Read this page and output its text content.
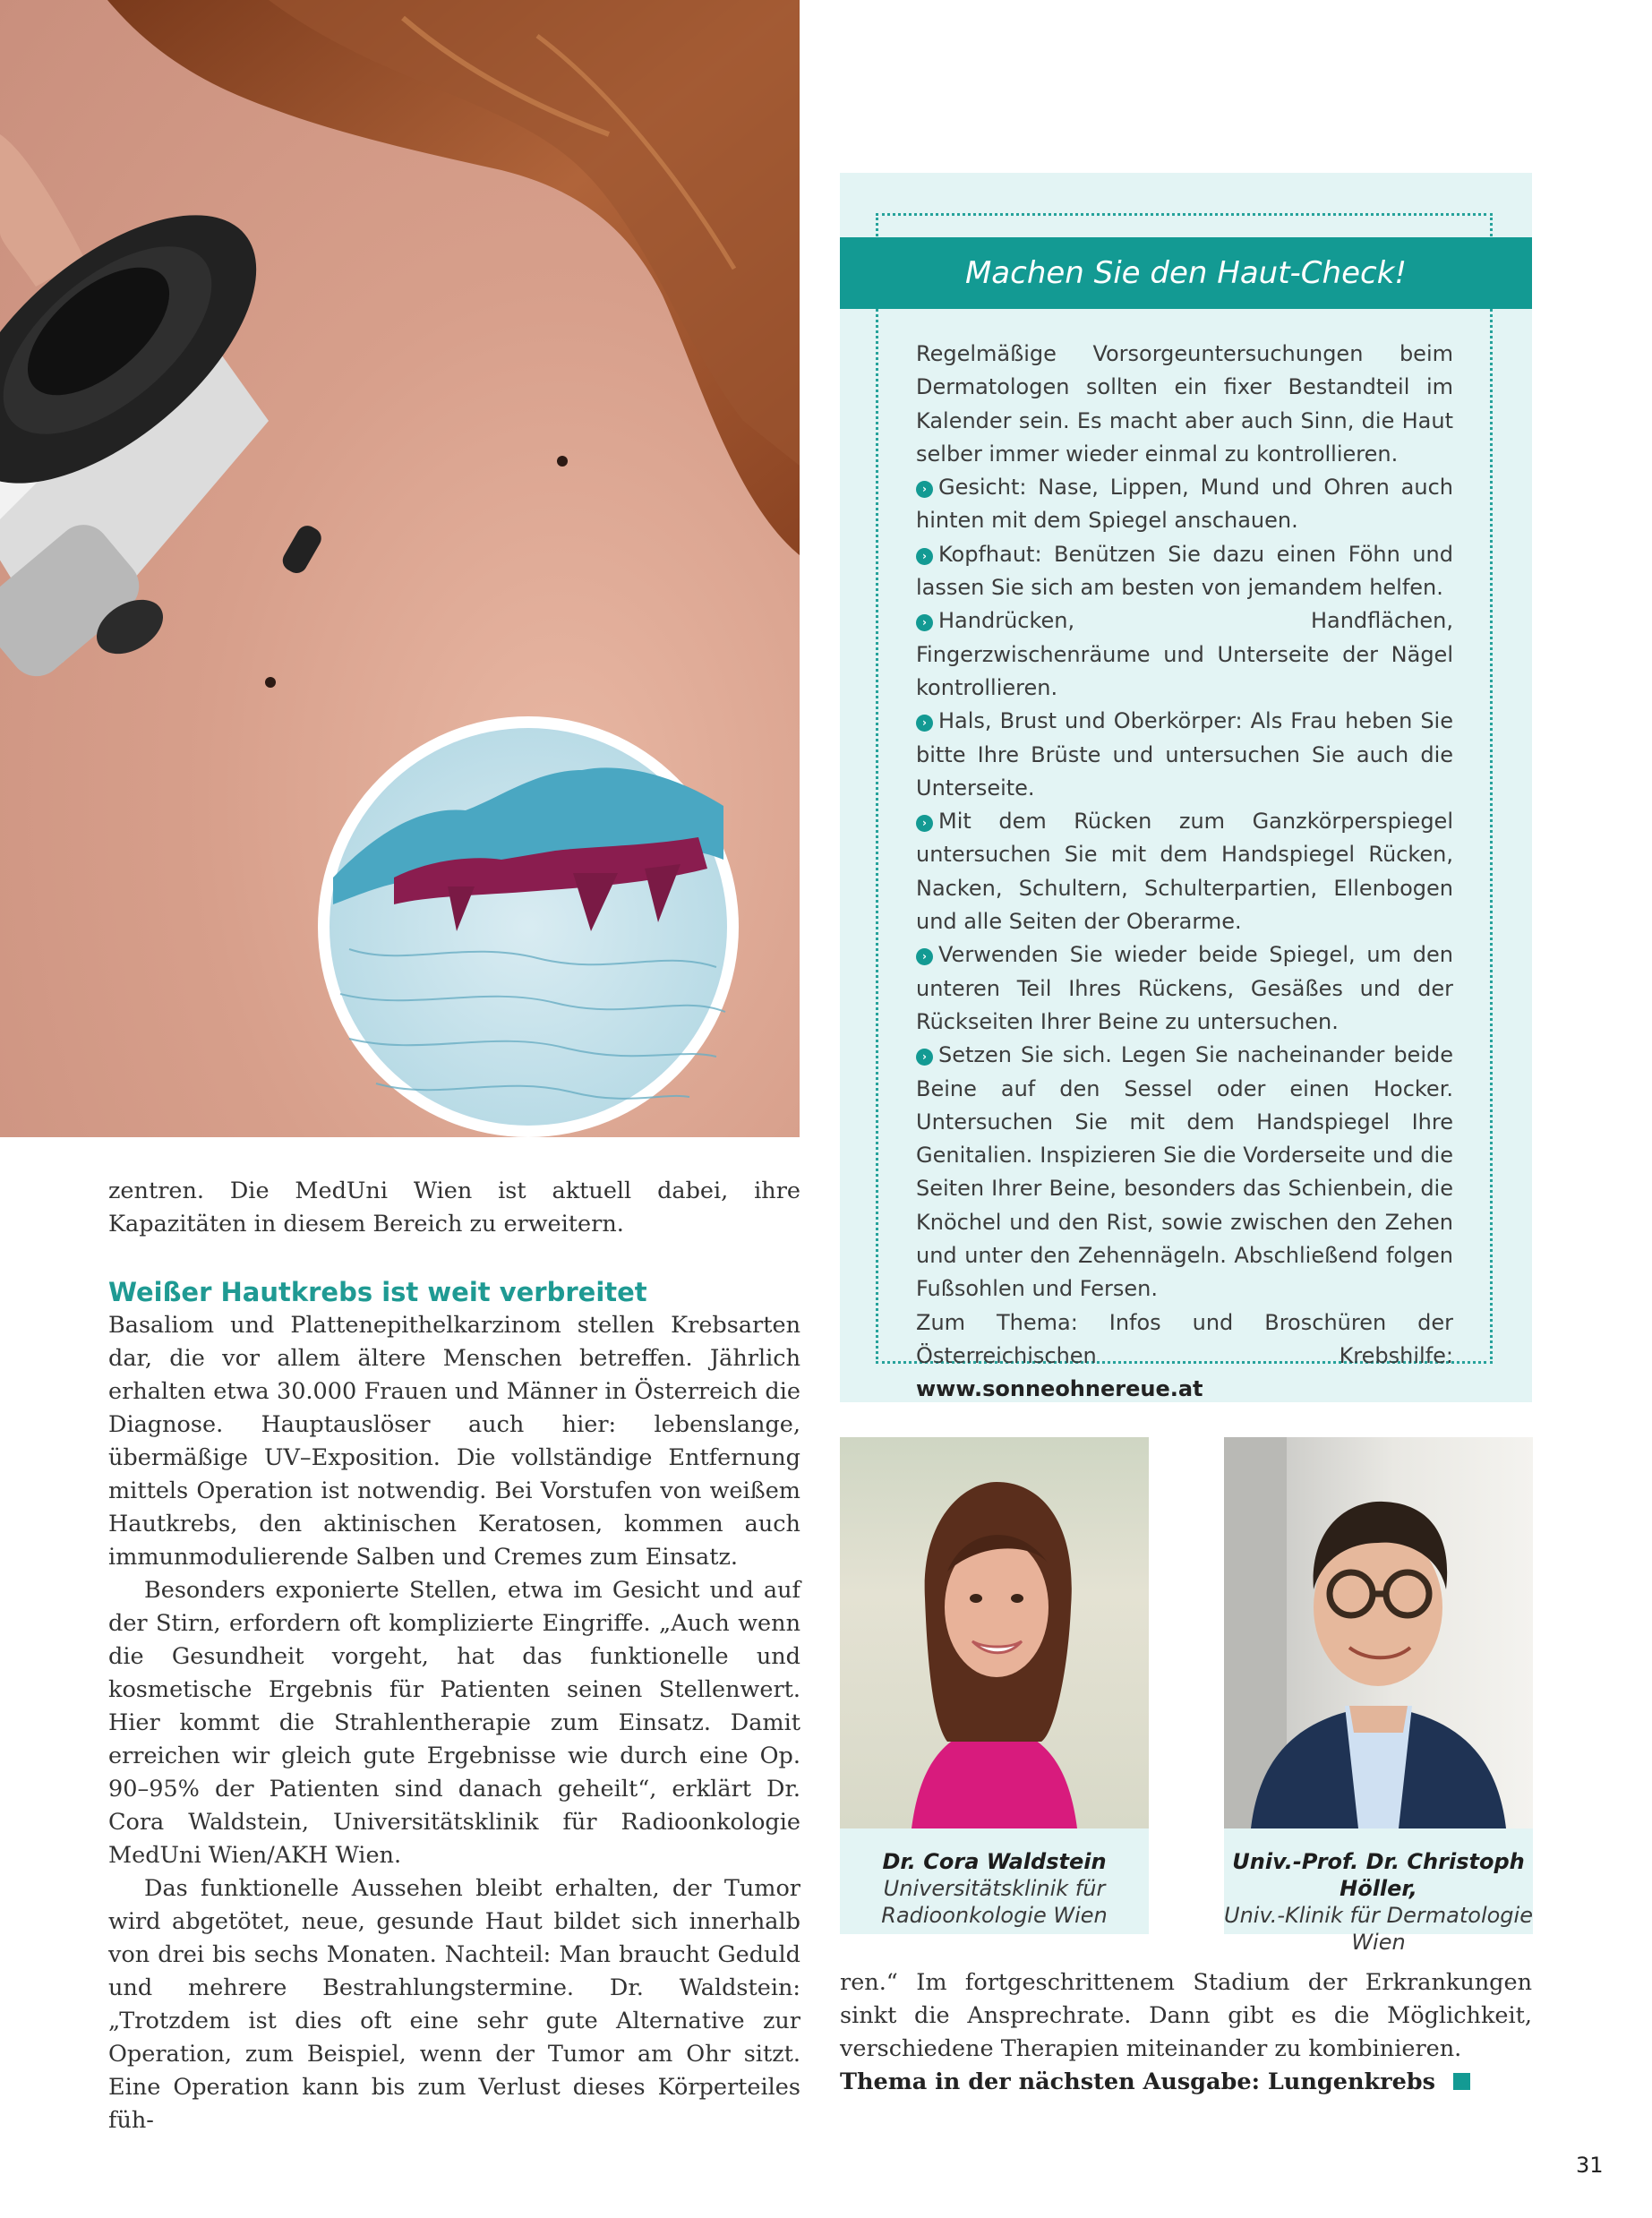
zentren. Die MedUni Wien ist aktuell dabei, ihre Kapazitäten in diesem Bereich zu erweitern.

Weißer Hautkrebs ist weit verbreitet

Basaliom und Plattenepithelkarzinom stellen Krebsarten dar, die vor allem ältere Menschen betreffen. Jährlich erhalten etwa 30.000 Frauen und Männer in Österreich die Diagnose. Hauptauslöser auch hier: lebenslange, übermäßige UV–Exposition. Die vollständige Entfernung mittels Operation ist notwendig. Bei Vorstufen von weißem Hautkrebs, den aktinischen Keratosen, kommen auch immunmodulierende Salben und Cremes zum Einsatz.

Besonders exponierte Stellen, etwa im Gesicht und auf der Stirn, erfordern oft komplizierte Eingriffe. „Auch wenn die Gesundheit vorgeht, hat das funktionelle und kosmetische Ergebnis für Patienten seinen Stellenwert. Hier kommt die Strahlentherapie zum Einsatz. Damit erreichen wir gleich gute Ergebnisse wie durch eine Op. 90–95% der Patienten sind danach geheilt“, erklärt Dr. Cora Waldstein, Universitätsklinik für Radioonkologie MedUni Wien/AKH Wien.

Das funktionelle Aussehen bleibt erhalten, der Tumor wird abgetötet, neue, gesunde Haut bildet sich innerhalb von drei bis sechs Monaten. Nachteil: Man braucht Geduld und mehrere Bestrahlungstermine. Dr. Waldstein: „Trotzdem ist dies oft eine sehr gute Alternative zur Operation, zum Beispiel, wenn der Tumor am Ohr sitzt. Eine Operation kann bis zum Verlust dieses Körperteiles füh-

Machen Sie den Haut-Check!

Regelmäßige Vorsorgeuntersuchungen beim Dermatologen sollten ein fixer Bestandteil im Kalender sein. Es macht aber auch Sinn, die Haut selber immer wieder einmal zu kontrollieren.

› Gesicht: Nase, Lippen, Mund und Ohren auch hinten mit dem Spiegel anschauen.

› Kopfhaut: Benützen Sie dazu einen Föhn und lassen Sie sich am besten von jemandem helfen.

› Handrücken, Handflächen, Fingerzwischenräume und Unterseite der Nägel kontrollieren.

› Hals, Brust und Oberkörper: Als Frau heben Sie bitte Ihre Brüste und untersuchen Sie auch die Unterseite.

› Mit dem Rücken zum Ganzkörperspiegel untersuchen Sie mit dem Handspiegel Rücken, Nacken, Schultern, Schulterpartien, Ellenbogen und alle Seiten der Oberarme.

› Verwenden Sie wieder beide Spiegel, um den unteren Teil Ihres Rückens, Gesäßes und der Rückseiten Ihrer Beine zu untersuchen.

› Setzen Sie sich. Legen Sie nacheinander beide Beine auf den Sessel oder einen Hocker. Untersuchen Sie mit dem Handspiegel Ihre Genitalien. Inspizieren Sie die Vorderseite und die Seiten Ihrer Beine, besonders das Schienbein, die Knöchel und den Rist, sowie zwischen den Zehen und unter den Zehennägeln. Abschließend folgen Fußsohlen und Fersen.

Zum Thema: Infos und Broschüren der Österreichischen Krebshilfe: www.sonneohnereue.at

Dr. Cora Waldstein
Universitätsklinik für Radioonkologie Wien
Univ.-Prof. Dr. Christoph Höller,
Univ.-Klinik für Dermatologie Wien

ren.“ Im fortgeschrittenem Stadium der Erkrankungen sinkt die Ansprechrate. Dann gibt es die Möglichkeit, verschiedene Therapien miteinander zu kombinieren.

Thema in der nächsten Ausgabe: Lungenkrebs

31
